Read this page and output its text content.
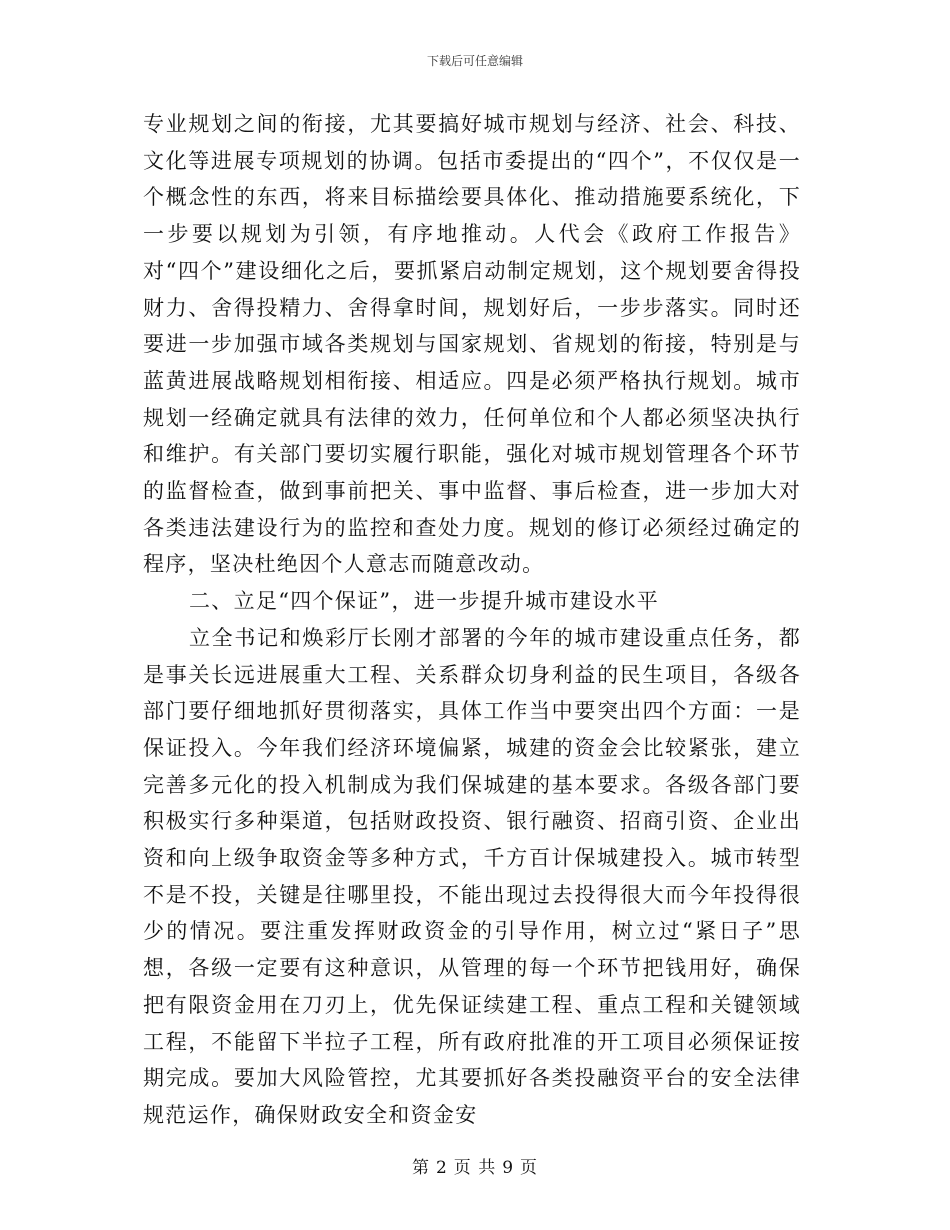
下载后可任意编辑

专业规划之间的衔接，尤其要搞好城市规划与经济、社会、科技、文化等进展专项规划的协调。包括市委提出的“四个”，不仅仅是一个概念性的东西，将来目标描绘要具体化、推动措施要系统化，下一步要以规划为引领，有序地推动。人代会《政府工作报告》对“四个”建设细化之后，要抓紧启动制定规划，这个规划要舍得投财力、舍得投精力、舍得拿时间，规划好后，一步步落实。同时还要进一步加强市域各类规划与国家规划、省规划的衔接，特别是与蓝黄进展战略规划相衔接、相适应。四是必须严格执行规划。城市规划一经确定就具有法律的效力，任何单位和个人都必须坚决执行和维护。有关部门要切实履行职能，强化对城市规划管理各个环节的监督检查，做到事前把关、事中监督、事后检查，进一步加大对各类违法建设行为的监控和查处力度。规划的修订必须经过确定的程序，坚决杜绝因个人意志而随意改动。

二、立足“四个保证”，进一步提升城市建设水平

立全书记和焕彩厅长刚才部署的今年的城市建设重点任务，都是事关长远进展重大工程、关系群众切身利益的民生项目，各级各部门要仔细地抓好贯彻落实，具体工作当中要突出四个方面：一是保证投入。今年我们经济环境偏紧，城建的资金会比较紧张，建立完善多元化的投入机制成为我们保城建的基本要求。各级各部门要积极实行多种渠道，包括财政投资、银行融资、招商引资、企业出资和向上级争取资金等多种方式，千方百计保城建投入。城市转型不是不投，关键是往哪里投，不能出现过去投得很大而今年投得很少的情况。要注重发挥财政资金的引导作用，树立过“紧日子”思想，各级一定要有这种意识，从管理的每一个环节把钱用好，确保把有限资金用在刀刃上，优先保证续建工程、重点工程和关键领域工程，不能留下半拉子工程，所有政府批准的开工项目必须保证按期完成。要加大风险管控，尤其要抓好各类投融资平台的安全法律规范运作，确保财政安全和资金安

第 2 页 共 9 页
